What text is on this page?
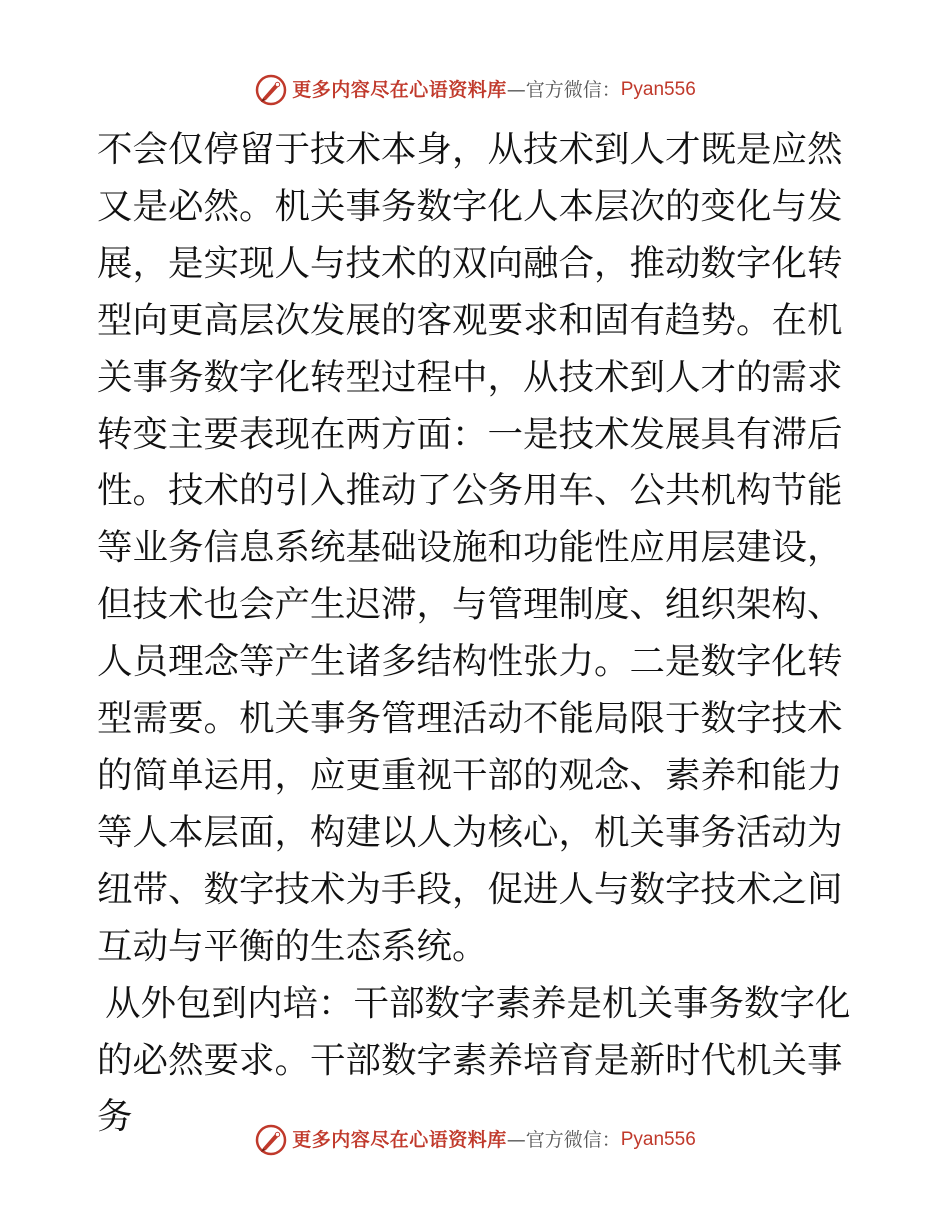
更多内容尽在心语资料库 — 官方微信： Pyan556

不会仅停留于技术本身，从技术到人才既是应然又是必然。机关事务数字化人本层次的变化与发展，是实现人与技术的双向融合，推动数字化转型向更高层次发展的客观要求和固有趋势。在机关事务数字化转型过程中，从技术到人才的需求转变主要表现在两方面：一是技术发展具有滞后性。技术的引入推动了公务用车、公共机构节能等业务信息系统基础设施和功能性应用层建设，但技术也会产生迟滞，与管理制度、组织架构、人员理念等产生诸多结构性张力。二是数字化转型需要。机关事务管理活动不能局限于数字技术的简单运用，应更重视干部的观念、素养和能力等人本层面，构建以人为核心，机关事务活动为纽带、数字技术为手段，促进人与数字技术之间互动与平衡的生态系统。

从外包到内培：干部数字素养是机关事务数字化的必然要求。干部数字素养培育是新时代机关事务

更多内容尽在心语资料库 — 官方微信： Pyan556
